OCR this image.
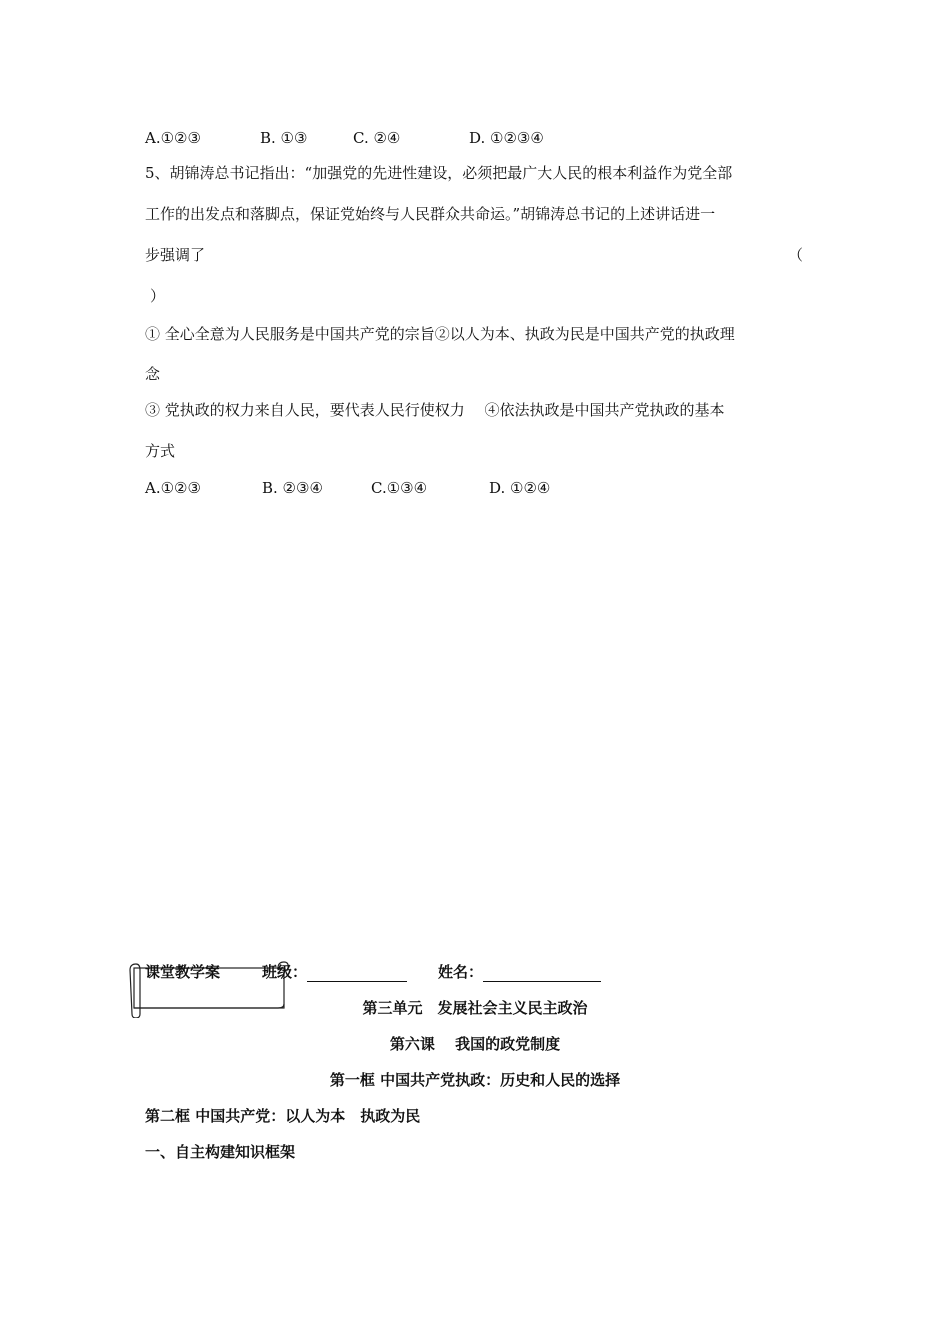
A.①②③	B. ①③	C. ②④	D. ①②③④
5、胡锦涛总书记指出：“加强党的先进性建设，必须把最广大人民的根本利益作为党全部
工作的出发点和落脚点，保证党始终与人民群众共命运。”胡锦涛总书记的上述讲话进一
步强调了	（
）
① 全心全意为人民服务是中国共产党的宗旨②以人为本、执政为民是中国共产党的执政理
念
③ 党执政的权力来自人民，要代表人民行使权力　 ④依法执政是中国共产党执政的基本
方式
A.①②③	B. ②③④	C.①③④	D. ①②④
课堂教学案	班级：	姓名：
第三单元　发展社会主义民主政治
第六课　 我国的政党制度
第一框 中国共产党执政：历史和人民的选择
第二框 中国共产党：以人为本　执政为民
一、自主构建知识框架
